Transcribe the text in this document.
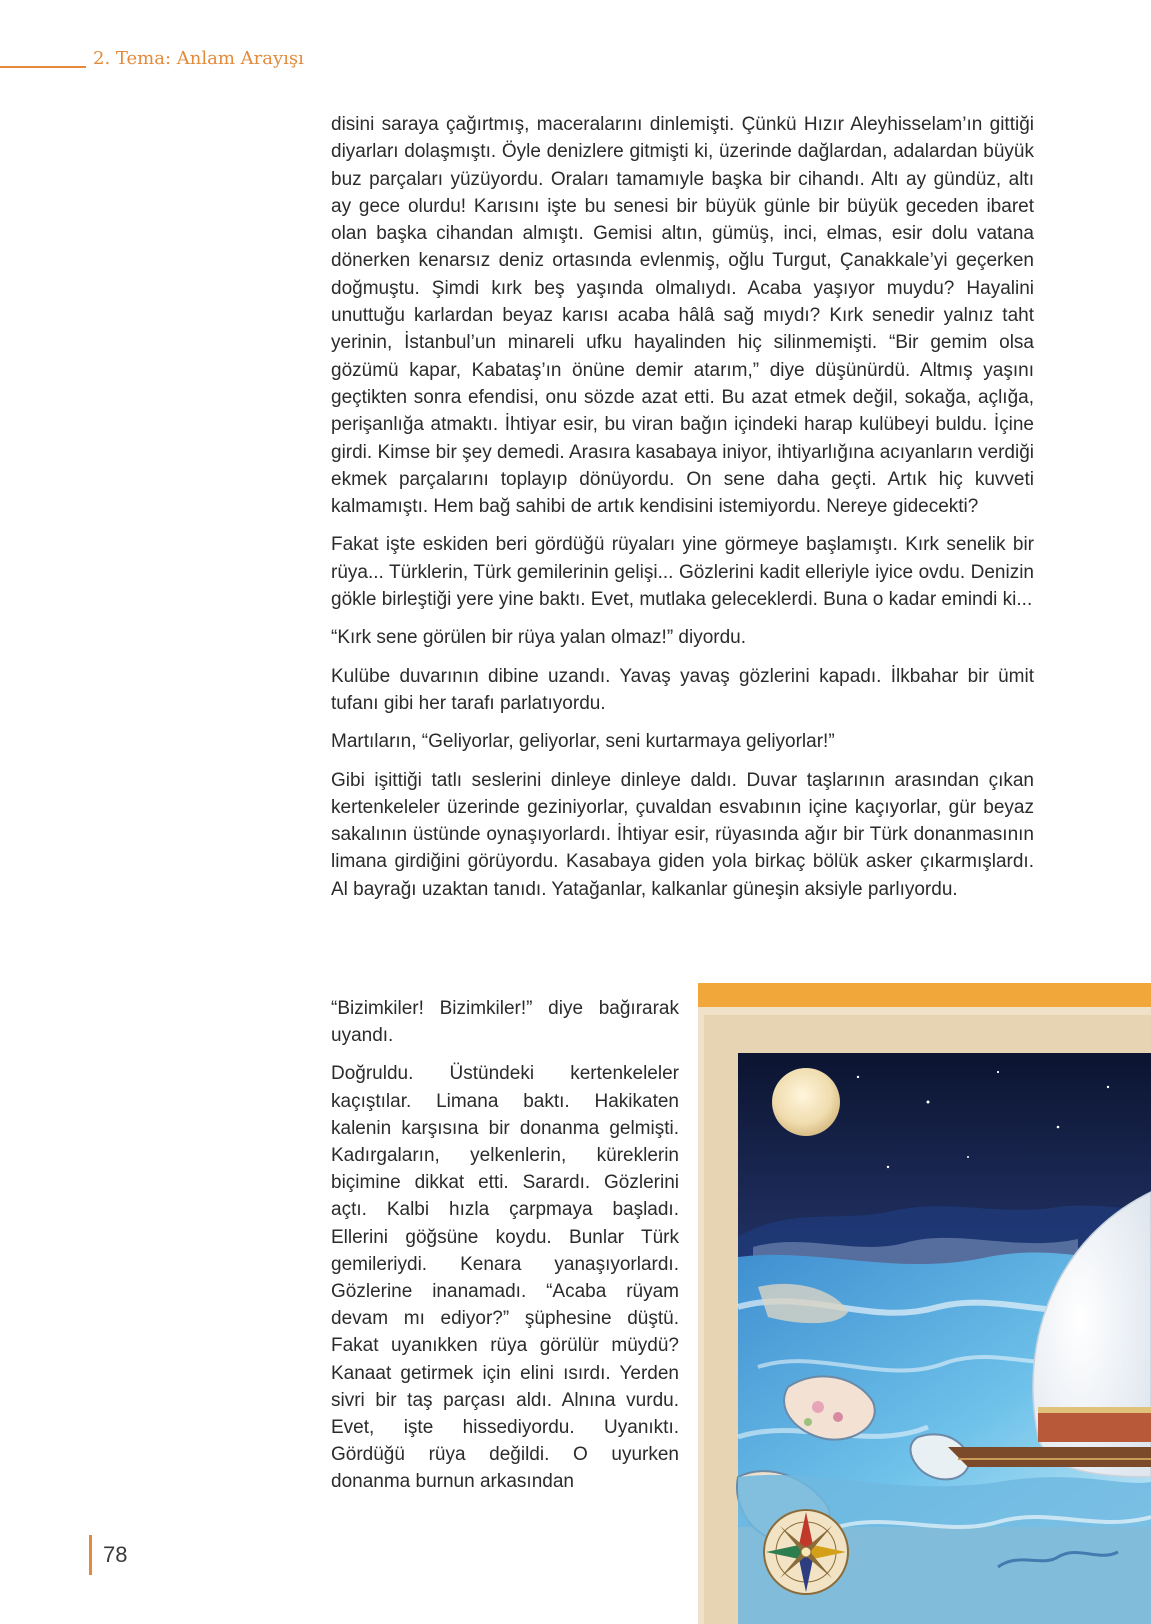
2. Tema: Anlam Arayışı

disini saraya çağırtmış, maceralarını dinlemişti. Çünkü Hızır Aleyhisselam’ın gittiği diyarları dolaşmıştı. Öyle denizlere gitmişti ki, üzerinde dağlardan, adalardan büyük buz parçaları yüzüyordu. Oraları tamamıyle başka bir cihandı. Altı ay gündüz, altı ay gece olurdu! Karısını işte bu senesi bir büyük günle bir büyük geceden ibaret olan başka cihandan almıştı. Gemisi altın, gümüş, inci, elmas, esir dolu vatana dönerken kenarsız deniz ortasında evlenmiş, oğlu Turgut, Çanakkale’yi geçerken doğmuştu. Şimdi kırk beş yaşında olmalıydı. Acaba yaşıyor muydu? Hayalini unuttuğu karlardan beyaz karısı acaba hâlâ sağ mıydı? Kırk senedir yalnız taht yerinin, İstanbul’un minareli ufku hayalinden hiç silinmemişti. “Bir gemim olsa gözümü kapar, Kabataş’ın önüne demir atarım,” diye düşünürdü. Altmış yaşını geçtikten sonra efendisi, onu sözde azat etti. Bu azat etmek değil, sokağa, açlığa, perişanlığa atmaktı. İhtiyar esir, bu viran bağın içindeki harap kulübeyi buldu. İçine girdi. Kimse bir şey demedi. Arasıra kasabaya iniyor, ihtiyarlığına acıyanların verdiği ekmek parçalarını toplayıp dönüyordu. On sene daha geçti. Artık hiç kuvveti kalmamıştı. Hem bağ sahibi de artık kendisini istemiyordu. Nereye gidecekti?

Fakat işte eskiden beri gördüğü rüyaları yine görmeye başlamıştı. Kırk senelik bir rüya... Türklerin, Türk gemilerinin gelişi... Gözlerini kadit elleriyle iyice ovdu. Denizin gökle birleştiği yere yine baktı. Evet, mutlaka geleceklerdi. Buna o kadar emindi ki...

“Kırk sene görülen bir rüya yalan olmaz!” diyordu.

Kulübe duvarının dibine uzandı. Yavaş yavaş gözlerini kapadı. İlkbahar bir ümit tufanı gibi her tarafı parlatıyordu.

Martıların, “Geliyorlar, geliyorlar, seni kurtarmaya geliyorlar!”

Gibi işittiği tatlı seslerini dinleye dinleye daldı. Duvar taşlarının arasından çıkan kertenkeleler üzerinde geziniyorlar, çuvaldan esvabının içine kaçıyorlar, gür beyaz sakalının üstünde oynaşıyorlardı. İhtiyar esir, rüyasında ağır bir Türk donanmasının limana girdiğini görüyordu. Kasabaya giden yola birkaç bölük asker çıkarmışlardı. Al bayrağı uzaktan tanıdı. Yatağanlar, kalkanlar güneşin aksiyle parlıyordu.

“Bizimkiler! Bizimkiler!” diye bağırarak uyandı.

Doğruldu. Üstündeki kertenkeleler kaçıştılar. Limana baktı. Hakikaten kalenin karşısına bir donanma gelmişti. Kadırgaların, yelkenlerin, küreklerin biçimine dikkat etti. Sarardı. Gözlerini açtı. Kalbi hızla çarpmaya başladı. Ellerini göğsüne koydu. Bunlar Türk gemileriydi. Kenara yanaşıyorlardı. Gözlerine inanamadı. “Acaba rüyam devam mı ediyor?” şüphesine düştü. Fakat uyanıkken rüya görülür müydü? Kanaat getirmek için elini ısırdı. Yerden sivri bir taş parçası aldı. Alnına vurdu. Evet, işte hissediyordu. Uyanıktı. Gördüğü rüya değildi. O uyurken donanma burnun arkasından

78
